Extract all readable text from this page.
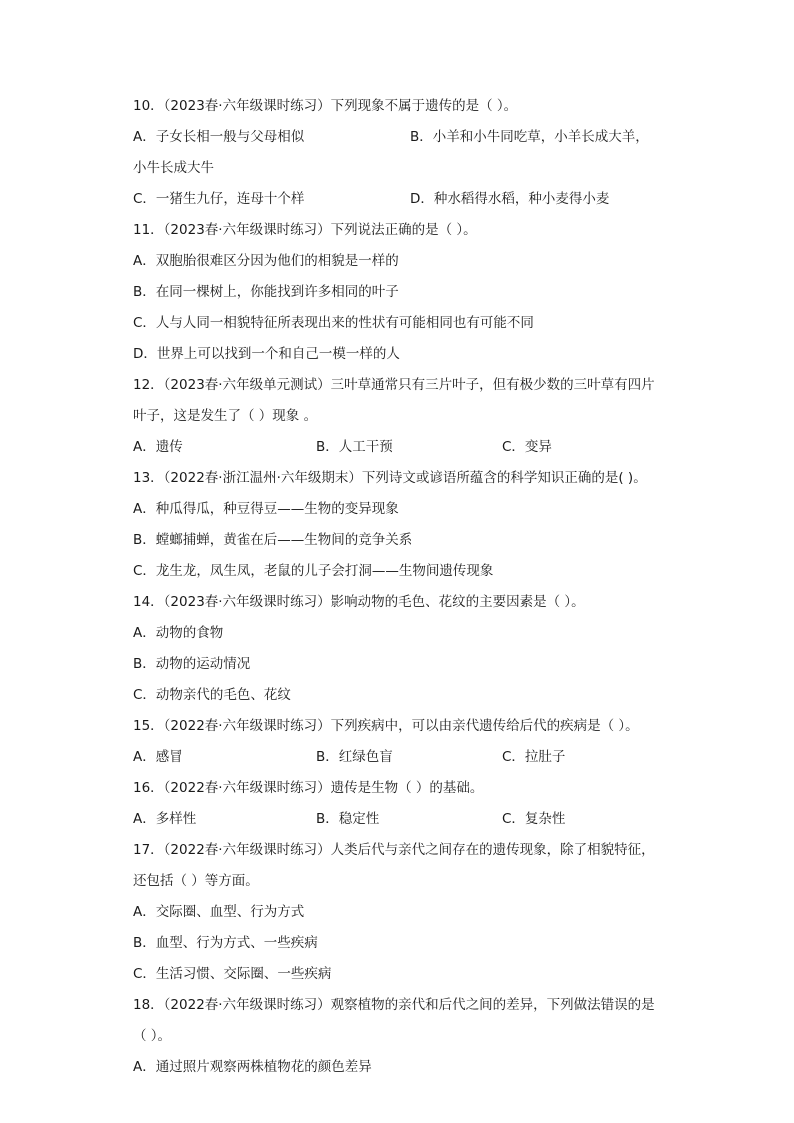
10．（2023春·六年级课时练习）下列现象不属于遗传的是（ ）。
A．子女长相一般与父母相似	B．小羊和小牛同吃草，小羊长成大羊，
小牛长成大牛
C．一猪生九仔，连母十个样	D．种水稻得水稻，种小麦得小麦
11．（2023春·六年级课时练习）下列说法正确的是（ ）。
A．双胞胎很难区分因为他们的相貌是一样的
B．在同一棵树上，你能找到许多相同的叶子
C．人与人同一相貌特征所表现出来的性状有可能相同也有可能不同
D．世界上可以找到一个和自己一模一样的人
12．（2023春·六年级单元测试）三叶草通常只有三片叶子，但有极少数的三叶草有四片
叶子，这是发生了（ ）现象 。
A．遗传	B．人工干预	C．变异
13．（2022春·浙江温州·六年级期末）下列诗文或谚语所蕴含的科学知识正确的是( )。
A．种瓜得瓜，种豆得豆——生物的变异现象
B．螳螂捕蝉，黄雀在后——生物间的竞争关系
C．龙生龙，凤生凤，老鼠的儿子会打洞——生物间遗传现象
14．（2023春·六年级课时练习）影响动物的毛色、花纹的主要因素是（ ）。
A．动物的食物
B．动物的运动情况
C．动物亲代的毛色、花纹
15．（2022春·六年级课时练习）下列疾病中，可以由亲代遗传给后代的疾病是（ ）。
A．感冒	B．红绿色盲	C．拉肚子
16．（2022春·六年级课时练习）遗传是生物（ ）的基础。
A．多样性	B．稳定性	C．复杂性
17．（2022春·六年级课时练习）人类后代与亲代之间存在的遗传现象，除了相貌特征，
还包括（ ）等方面。
A．交际圈、血型、行为方式
B．血型、行为方式、一些疾病
C．生活习惯、交际圈、一些疾病
18．（2022春·六年级课时练习）观察植物的亲代和后代之间的差异，下列做法错误的是
（ ）。
A．通过照片观察两株植物花的颜色差异
